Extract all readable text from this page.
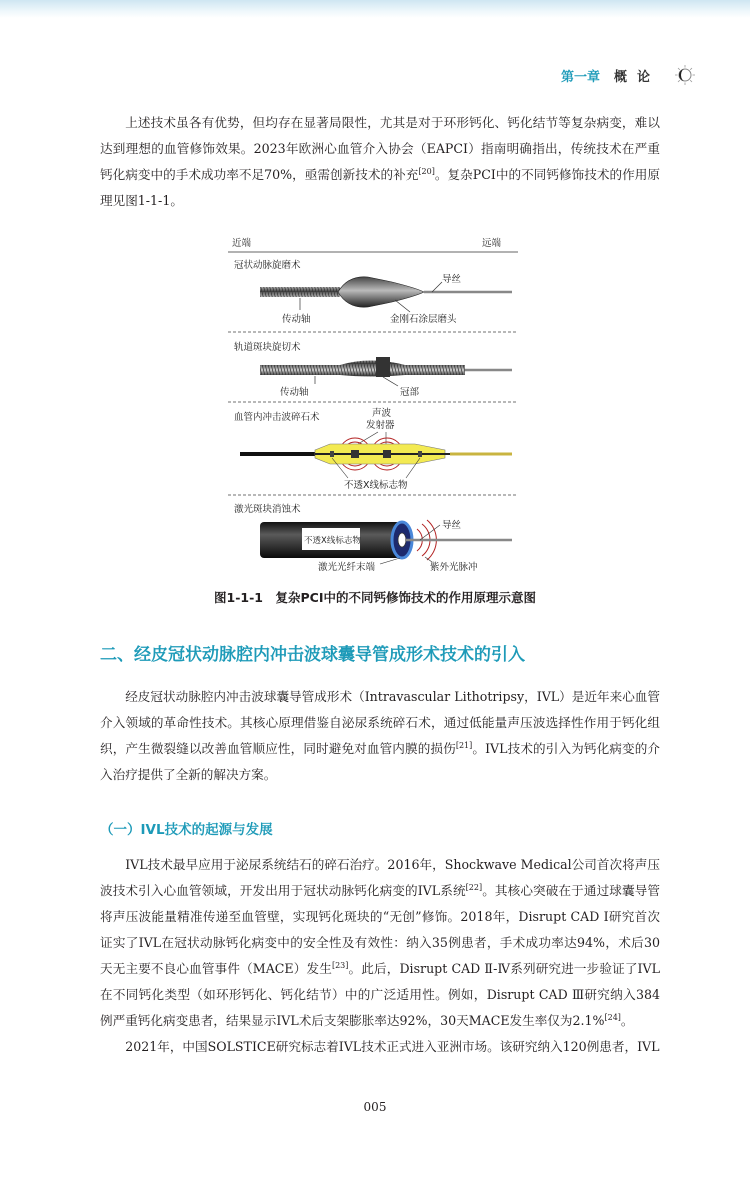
第一章 概论

上述技术虽各有优势，但均存在显著局限性，尤其是对于环形钙化、钙化结节等复杂病变，难以达到理想的血管修饰效果。2023年欧洲心血管介入协会（EAPCI）指南明确指出，传统技术在严重钙化病变中的手术成功率不足70%，亟需创新技术的补充[20]。复杂PCI中的不同钙修饰技术的作用原理见图1-1-1。

近端	远端
冠状动脉旋磨术
导丝
传动轴	金刚石涂层磨头
轨道斑块旋切术
传动轴	冠部
血管内冲击波碎石术	声波
发射器
不透X线标志物
激光斑块消蚀术
不透X线标志物
导丝
激光光纤末端	紫外光脉冲
图1-1-1　复杂PCI中的不同钙修饰技术的作用原理示意图
二、经皮冠状动脉腔内冲击波球囊导管成形术技术的引入

经皮冠状动脉腔内冲击波球囊导管成形术（Intravascular Lithotripsy，IVL）是近年来心血管介入领域的革命性技术。其核心原理借鉴自泌尿系统碎石术，通过低能量声压波选择性作用于钙化组织，产生微裂缝以改善血管顺应性，同时避免对血管内膜的损伤[21]。IVL技术的引入为钙化病变的介入治疗提供了全新的解决方案。

（一）IVL技术的起源与发展

IVL技术最早应用于泌尿系统结石的碎石治疗。2016年，Shockwave Medical公司首次将声压波技术引入心血管领域，开发出用于冠状动脉钙化病变的IVL系统[22]。其核心突破在于通过球囊导管将声压波能量精准传递至血管壁，实现钙化斑块的“无创”修饰。2018年，Disrupt CAD Ⅰ研究首次证实了IVL在冠状动脉钙化病变中的安全性及有效性：纳入35例患者，手术成功率达94%，术后30天无主要不良心血管事件（MACE）发生[23]。此后，Disrupt CAD Ⅱ-Ⅳ系列研究进一步验证了IVL在不同钙化类型（如环形钙化、钙化结节）中的广泛适用性。例如，Disrupt CAD Ⅲ研究纳入384例严重钙化病变患者，结果显示IVL术后支架膨胀率达92%，30天MACE发生率仅为2.1%[24]。

2021年，中国SOLSTICE研究标志着IVL技术正式进入亚洲市场。该研究纳入120例患者，IVL

005
